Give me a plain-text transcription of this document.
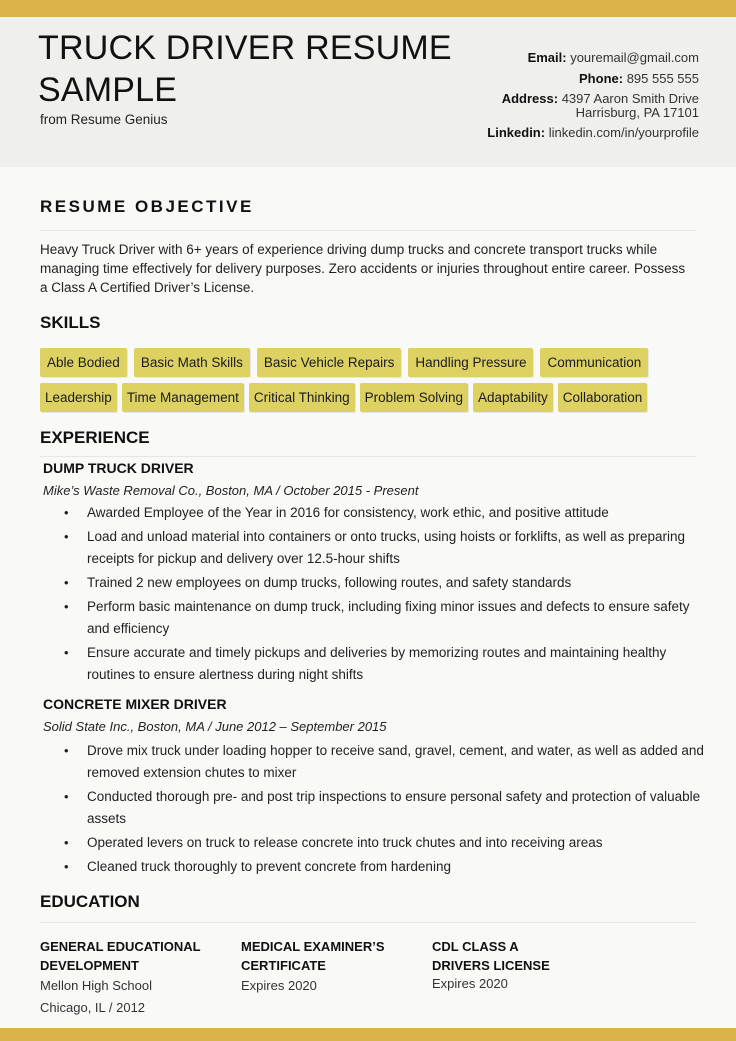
TRUCK DRIVER RESUME SAMPLE
from Resume Genius
Email: youremail@gmail.com
Phone: 895 555 555
Address: 4397 Aaron Smith Drive
Harrisburg, PA 17101
Linkedin: linkedin.com/in/yourprofile
RESUME OBJECTIVE
Heavy Truck Driver with 6+ years of experience driving dump trucks and concrete transport trucks while managing time effectively for delivery purposes. Zero accidents or injuries throughout entire career. Possess a Class A Certified Driver’s License.
SKILLS
Able Bodied	Basic Math Skills	Basic Vehicle Repairs	Handling Pressure	Communication
Leadership	Time Management	Critical Thinking	Problem Solving	Adaptability	Collaboration
EXPERIENCE
DUMP TRUCK DRIVER
Mike’s Waste Removal Co., Boston, MA / October 2015 - Present
• Awarded Employee of the Year in 2016 for consistency, work ethic, and positive attitude
• Load and unload material into containers or onto trucks, using hoists or forklifts, as well as preparing receipts for pickup and delivery over 12.5-hour shifts
• Trained 2 new employees on dump trucks, following routes, and safety standards
• Perform basic maintenance on dump truck, including fixing minor issues and defects to ensure safety and efficiency
• Ensure accurate and timely pickups and deliveries by memorizing routes and maintaining healthy routines to ensure alertness during night shifts
CONCRETE MIXER DRIVER
Solid State Inc., Boston, MA / June 2012 – September 2015
• Drove mix truck under loading hopper to receive sand, gravel, cement, and water, as well as added and removed extension chutes to mixer
• Conducted thorough pre- and post trip inspections to ensure personal safety and protection of valuable assets
• Operated levers on truck to release concrete into truck chutes and into receiving areas
• Cleaned truck thoroughly to prevent concrete from hardening
EDUCATION
GENERAL EDUCATIONAL
DEVELOPMENT
Mellon High School
Chicago, IL / 2012
MEDICAL EXAMINER’S
CERTIFICATE
Expires 2020
CDL CLASS A
DRIVERS LICENSE
Expires 2020
